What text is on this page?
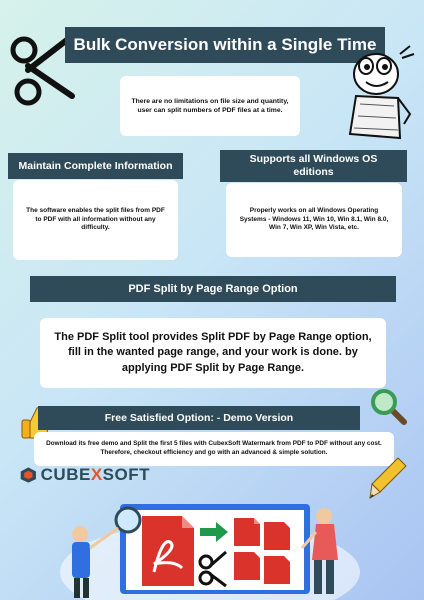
Bulk Conversion within a Single Time
There are no limitations on file size and quantity, user can split numbers of PDF files at a time.
Maintain Complete Information
The software enables the split files from PDF to PDF with all information without any difficulty.
Supports all Windows OS editions
Properly works on all Windows Operating Systems - Windows 11, Win 10, Win 8.1, Win 8.0, Win 7, Win XP, Win Vista, etc.
PDF Split by Page Range Option
The PDF Split tool provides Split PDF by Page Range option, fill in the wanted page range, and your work is done. by applying PDF Split by Page Range.
Free Satisfied Option: - Demo Version
Download its free demo and Split the first 5 files with CubexSoft Watermark from PDF to PDF without any cost. Therefore, checkout efficiency and go with an advanced & simple solution.
CUBEXSOFT
